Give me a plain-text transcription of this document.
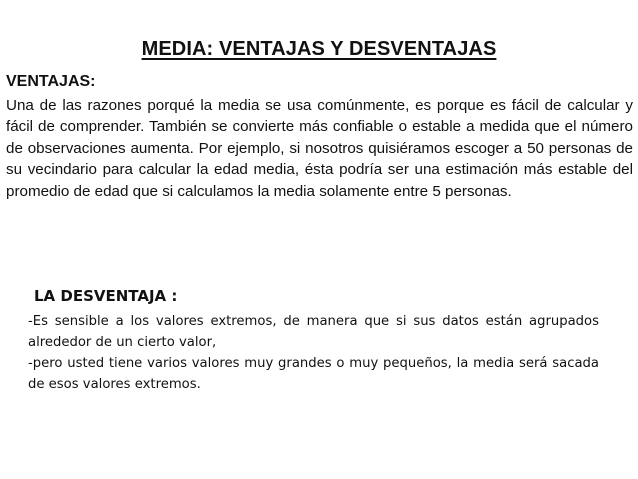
MEDIA: VENTAJAS Y DESVENTAJAS
VENTAJAS:
Una de las razones porqué la media se usa comúnmente, es porque es fácil de calcular y fácil de comprender. También se convierte más confiable o estable a medida que el número de observaciones aumenta. Por ejemplo, si nosotros quisiéramos escoger a 50 personas de su vecindario para calcular la edad media, ésta podría ser una estimación más estable del promedio de edad que si calculamos la media solamente entre 5 personas.
LA DESVENTAJA :

-Es sensible a los valores extremos, de manera que si sus datos están agrupados alrededor de un cierto valor,

-pero usted tiene varios valores muy grandes o muy pequeños, la media será sacada de esos valores extremos.
